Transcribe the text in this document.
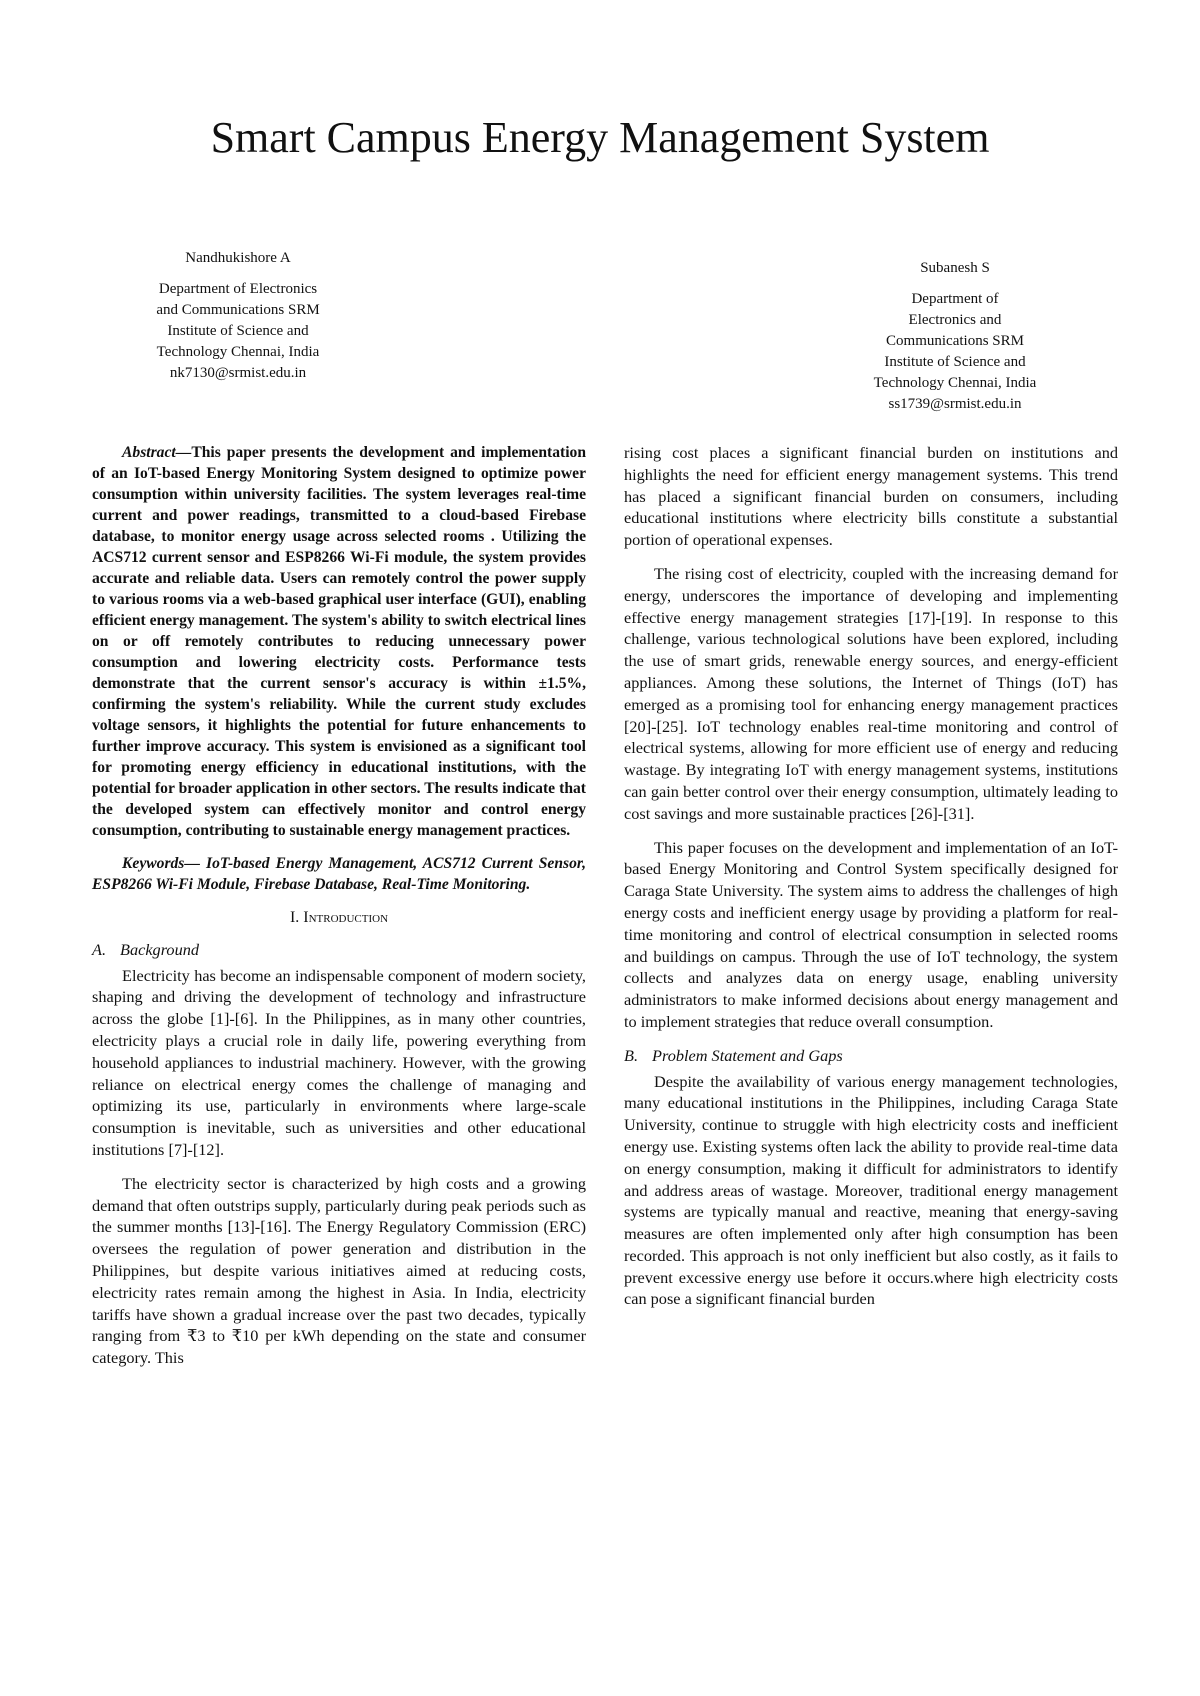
Smart Campus Energy Management System
Nandhukishore A
Department of Electronics
and Communications SRM
Institute of Science and
Technology Chennai, India
nk7130@srmist.edu.in
Subanesh S
Department of
Electronics and
Communications SRM
Institute of Science and
Technology Chennai, India
ss1739@srmist.edu.in

Abstract—This paper presents the development and implementation of an IoT-based Energy Monitoring System designed to optimize power consumption within university facilities. The system leverages real-time current and power readings, transmitted to a cloud-based Firebase database, to monitor energy usage across selected rooms . Utilizing the ACS712 current sensor and ESP8266 Wi-Fi module, the system provides accurate and reliable data. Users can remotely control the power supply to various rooms via a web-based graphical user interface (GUI), enabling efficient energy management. The system's ability to switch electrical lines on or off remotely contributes to reducing unnecessary power consumption and lowering electricity costs. Performance tests demonstrate that the current sensor's accuracy is within ±1.5%, confirming the system's reliability. While the current study excludes voltage sensors, it highlights the potential for future enhancements to further improve accuracy. This system is envisioned as a significant tool for promoting energy efficiency in educational institutions, with the potential for broader application in other sectors. The results indicate that the developed system can effectively monitor and control energy consumption, contributing to sustainable energy management practices.

Keywords— IoT-based Energy Management, ACS712 Current Sensor, ESP8266 Wi-Fi Module, Firebase Database, Real-Time Monitoring.

I. Introduction
A. Background

Electricity has become an indispensable component of modern society, shaping and driving the development of technology and infrastructure across the globe [1]-[6]. In the Philippines, as in many other countries, electricity plays a crucial role in daily life, powering everything from household appliances to industrial machinery. However, with the growing reliance on electrical energy comes the challenge of managing and optimizing its use, particularly in environments where large-scale consumption is inevitable, such as universities and other educational institutions [7]-[12].

The electricity sector is characterized by high costs and a growing demand that often outstrips supply, particularly during peak periods such as the summer months [13]-[16]. The Energy Regulatory Commission (ERC) oversees the regulation of power generation and distribution in the Philippines, but despite various initiatives aimed at reducing costs, electricity rates remain among the highest in Asia. In India, electricity tariffs have shown a gradual increase over the past two decades, typically ranging from ₹3 to ₹10 per kWh depending on the state and consumer category. This

rising cost places a significant financial burden on institutions and highlights the need for efficient energy management systems. This trend has placed a significant financial burden on consumers, including educational institutions where electricity bills constitute a substantial portion of operational expenses.

The rising cost of electricity, coupled with the increasing demand for energy, underscores the importance of developing and implementing effective energy management strategies [17]-[19]. In response to this challenge, various technological solutions have been explored, including the use of smart grids, renewable energy sources, and energy-efficient appliances. Among these solutions, the Internet of Things (IoT) has emerged as a promising tool for enhancing energy management practices [20]-[25]. IoT technology enables real-time monitoring and control of electrical systems, allowing for more efficient use of energy and reducing wastage. By integrating IoT with energy management systems, institutions can gain better control over their energy consumption, ultimately leading to cost savings and more sustainable practices [26]-[31].

This paper focuses on the development and implementation of an IoT-based Energy Monitoring and Control System specifically designed for Caraga State University. The system aims to address the challenges of high energy costs and inefficient energy usage by providing a platform for real-time monitoring and control of electrical consumption in selected rooms and buildings on campus. Through the use of IoT technology, the system collects and analyzes data on energy usage, enabling university administrators to make informed decisions about energy management and to implement strategies that reduce overall consumption.

B. Problem Statement and Gaps

Despite the availability of various energy management technologies, many educational institutions in the Philippines, including Caraga State University, continue to struggle with high electricity costs and inefficient energy use. Existing systems often lack the ability to provide real-time data on energy consumption, making it difficult for administrators to identify and address areas of wastage. Moreover, traditional energy management systems are typically manual and reactive, meaning that energy-saving measures are often implemented only after high consumption has been recorded. This approach is not only inefficient but also costly, as it fails to prevent excessive energy use before it occurs.where high electricity costs can pose a significant financial burden
